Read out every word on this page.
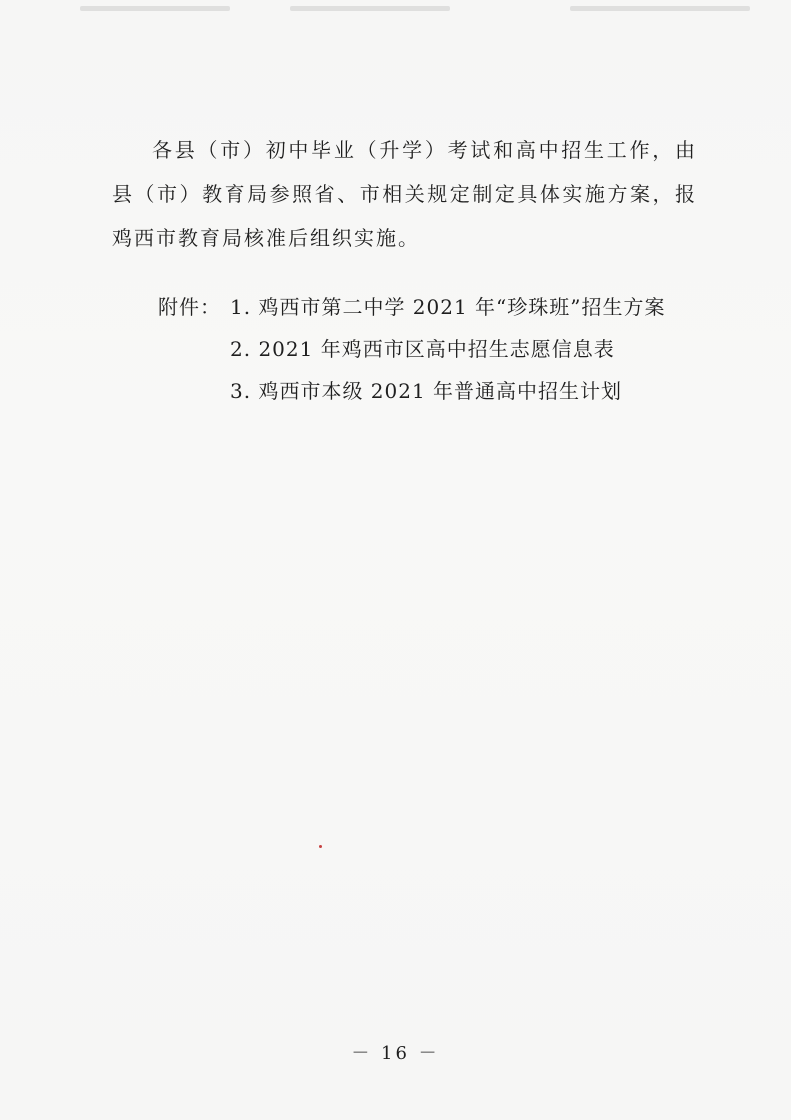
各县（市）初中毕业（升学）考试和高中招生工作，由县（市）教育局参照省、市相关规定制定具体实施方案，报鸡西市教育局核准后组织实施。

附件： 1. 鸡西市第二中学 2021 年“珍珠班”招生方案
2. 2021 年鸡西市区高中招生志愿信息表
3. 鸡西市本级 2021 年普通高中招生计划
－ 16 －
